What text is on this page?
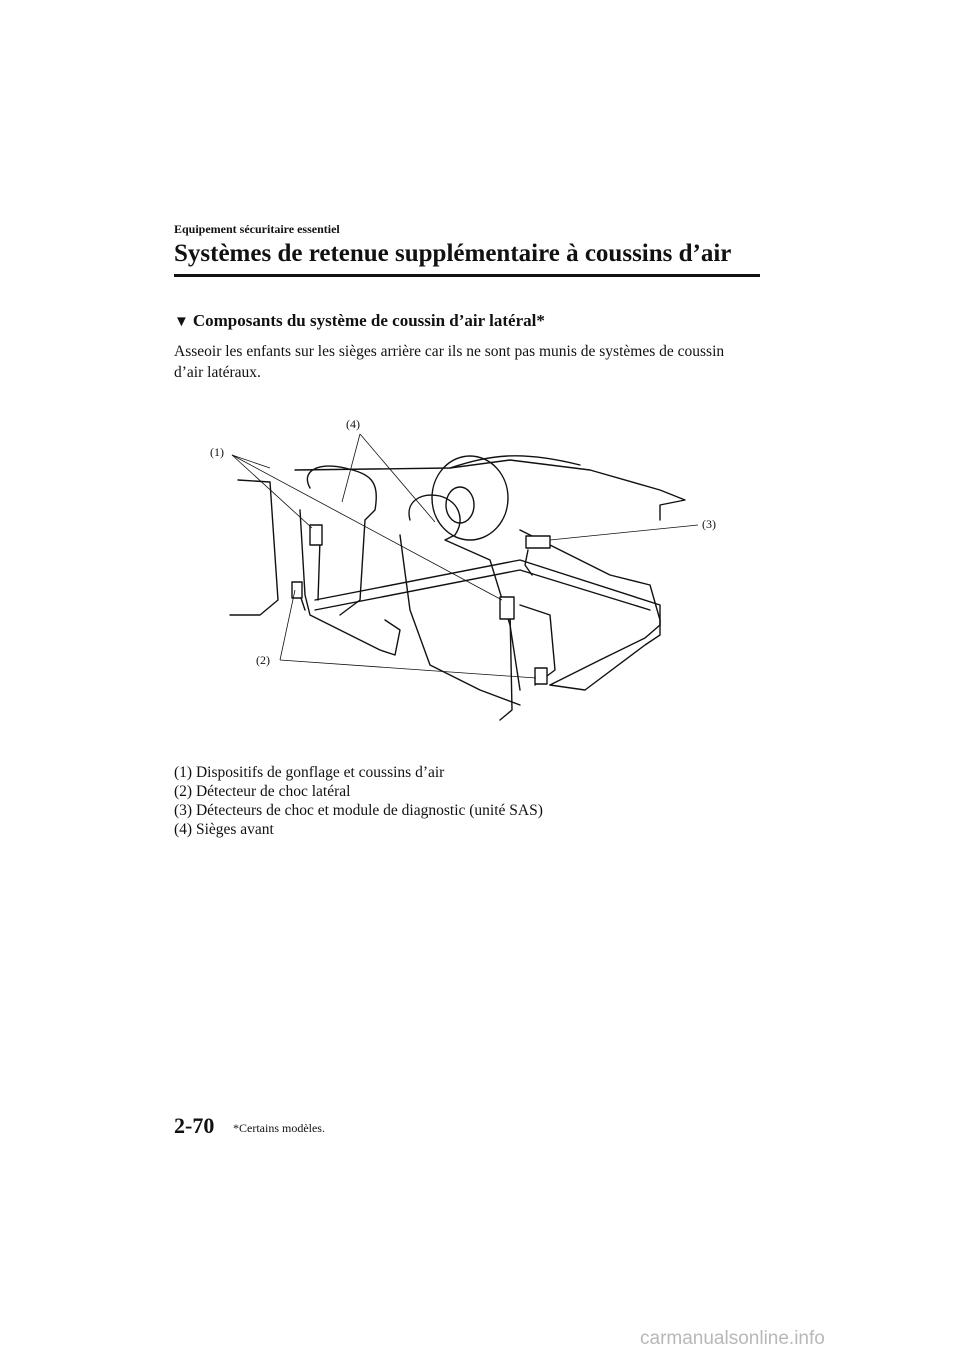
Equipement sécuritaire essentiel
Systèmes de retenue supplémentaire à coussins d’air
▼ Composants du système de coussin d’air latéral*
Asseoir les enfants sur les sièges arrière car ils ne sont pas munis de systèmes de coussin
d’air latéraux.
(1)
(2)
(3)
(4)
(1) Dispositifs de gonflage et coussins d’air
(2) Détecteur de choc latéral
(3) Détecteurs de choc et module de diagnostic (unité SAS)
(4) Sièges avant
2-70 *Certains modèles.
carmanualsonline.info
